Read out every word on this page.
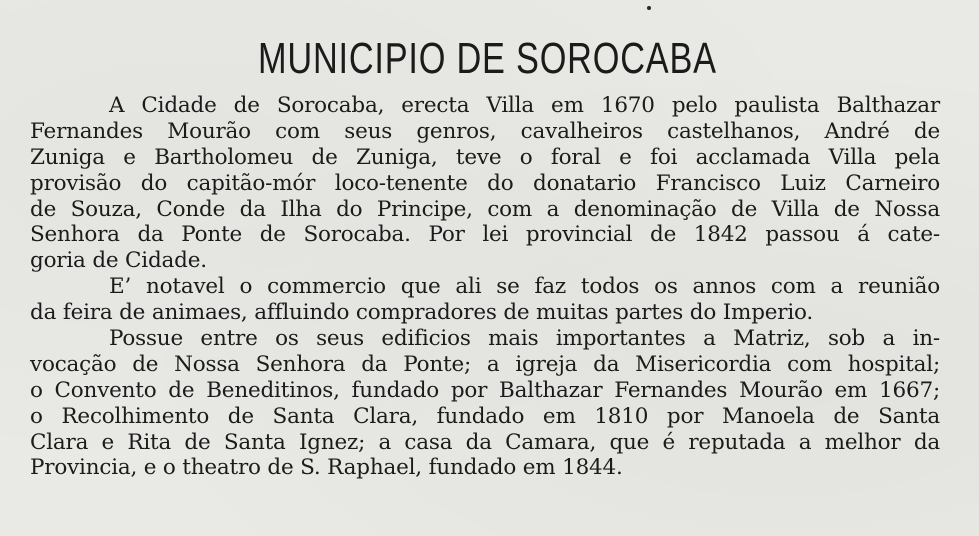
MUNICIPIO DE SOROCABA

A Cidade de Sorocaba, erecta Villa em 1670 pelo paulista Balthazar
Fernandes Mourão com seus genros, cavalheiros castelhanos, André de
Zuniga e Bartholomeu de Zuniga, teve o foral e foi acclamada Villa pela
provisão do capitão-mór loco-tenente do donatario Francisco Luiz Carneiro
de Souza, Conde da Ilha do Principe, com a denominação de Villa de Nossa
Senhora da Ponte de Sorocaba. Por lei provincial de 1842 passou á cate-
goria de Cidade.

E’ notavel o commercio que ali se faz todos os annos com a reunião
da feira de animaes, affluindo compradores de muitas partes do Imperio.

Possue entre os seus edificios mais importantes a Matriz, sob a in-
vocação de Nossa Senhora da Ponte; a igreja da Misericordia com hospital;
o Convento de Beneditinos, fundado por Balthazar Fernandes Mourão em 1667;
o Recolhimento de Santa Clara, fundado em 1810 por Manoela de Santa
Clara e Rita de Santa Ignez; a casa da Camara, que é reputada a melhor da
Provincia, e o theatro de S. Raphael, fundado em 1844.
